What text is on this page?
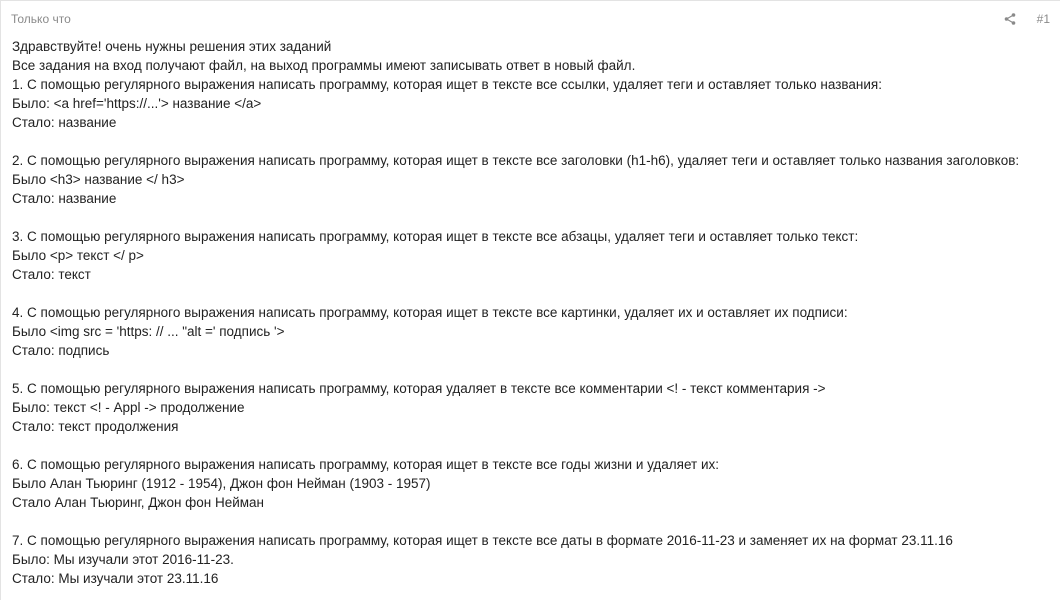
Только что	#1
Здравствуйте! очень нужны решения этих заданий
Все задания на вход получают файл, на выход программы имеют записывать ответ в новый файл.
1. С помощью регулярного выражения написать программу, которая ищет в тексте все ссылки, удаляет теги и оставляет только названия:
Было: <a href='https://...'> название </a>
Стало: название
2. С помощью регулярного выражения написать программу, которая ищет в тексте все заголовки (h1-h6), удаляет теги и оставляет только названия заголовков:
Было <h3> название </ h3>
Стало: название
3. С помощью регулярного выражения написать программу, которая ищет в тексте все абзацы, удаляет теги и оставляет только текст:
Было <p> текст </ p>
Стало: текст
4. С помощью регулярного выражения написать программу, которая ищет в тексте все картинки, удаляет их и оставляет их подписи:
Было <img src = 'https: // ... "alt =' подпись '>
Стало: подпись
5. С помощью регулярного выражения написать программу, которая удаляет в тексте все комментарии <! - текст комментария ->
Было: текст <! - Appl -> продолжение
Стало: текст продолжения
6. С помощью регулярного выражения написать программу, которая ищет в тексте все годы жизни и удаляет их:
Было Алан Тьюринг (1912 - 1954), Джон фон Нейман (1903 - 1957)
Стало Алан Тьюринг, Джон фон Нейман
7. С помощью регулярного выражения написать программу, которая ищет в тексте все даты в формате 2016-11-23 и заменяет их на формат 23.11.16
Было: Мы изучали этот 2016-11-23.
Стало: Мы изучали этот 23.11.16
